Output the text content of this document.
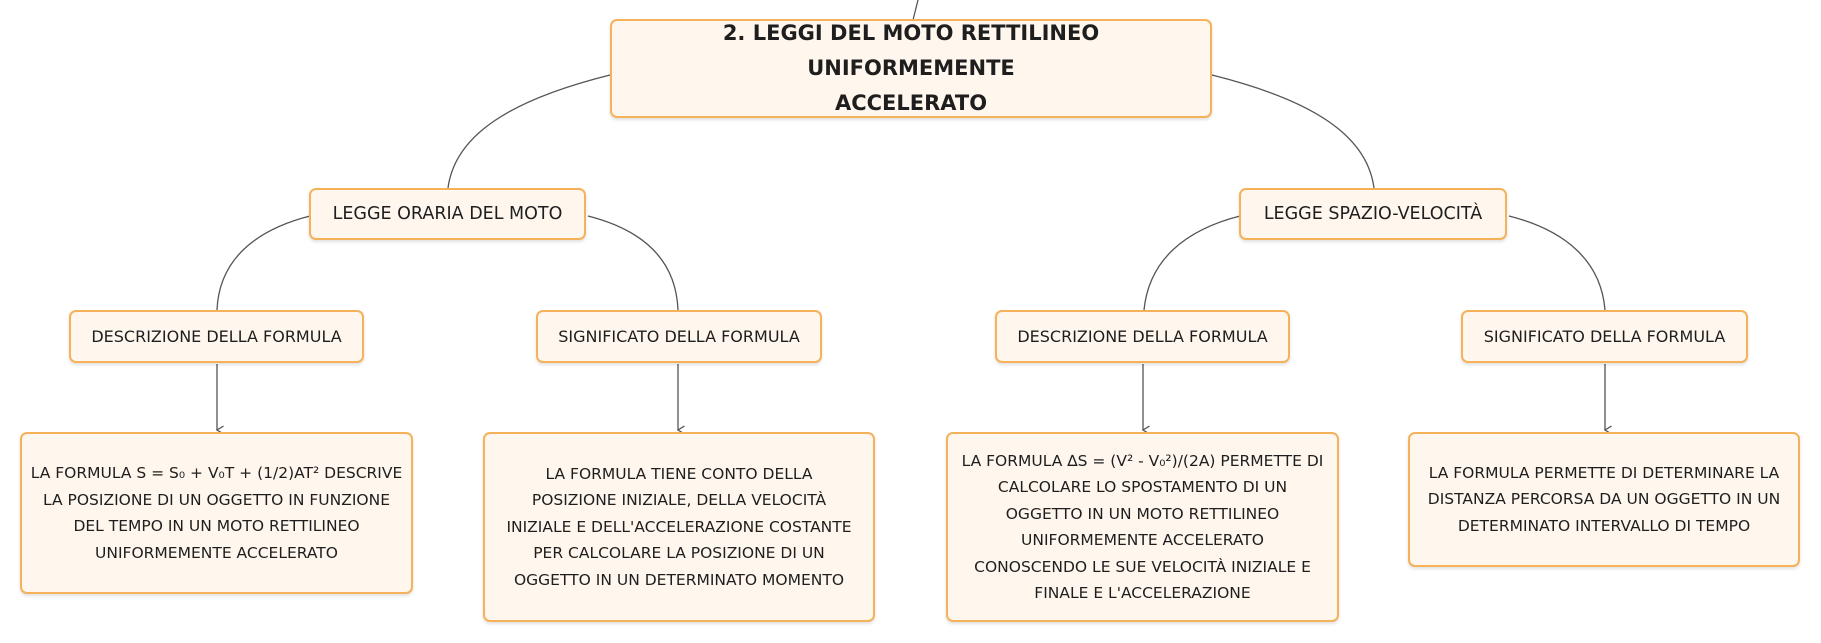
2. LEGGI DEL MOTO RETTILINEO UNIFORMEMENTE
ACCELERATO
LEGGE ORARIA DEL MOTO	LEGGE SPAZIO-VELOCITÀ
DESCRIZIONE DELLA FORMULA	SIGNIFICATO DELLA FORMULA	DESCRIZIONE DELLA FORMULA	SIGNIFICATO DELLA FORMULA
LA FORMULA S = S₀ + V₀T + (1/2)AT² DESCRIVE
LA POSIZIONE DI UN OGGETTO IN FUNZIONE
DEL TEMPO IN UN MOTO RETTILINEO
UNIFORMEMENTE ACCELERATO
LA FORMULA TIENE CONTO DELLA
POSIZIONE INIZIALE, DELLA VELOCITÀ
INIZIALE E DELL'ACCELERAZIONE COSTANTE
PER CALCOLARE LA POSIZIONE DI UN
OGGETTO IN UN DETERMINATO MOMENTO
LA FORMULA ∆S = (V² - V₀²)/(2A) PERMETTE DI
CALCOLARE LO SPOSTAMENTO DI UN
OGGETTO IN UN MOTO RETTILINEO
UNIFORMEMENTE ACCELERATO
CONOSCENDO LE SUE VELOCITÀ INIZIALE E
FINALE E L'ACCELERAZIONE
LA FORMULA PERMETTE DI DETERMINARE LA
DISTANZA PERCORSA DA UN OGGETTO IN UN
DETERMINATO INTERVALLO DI TEMPO
